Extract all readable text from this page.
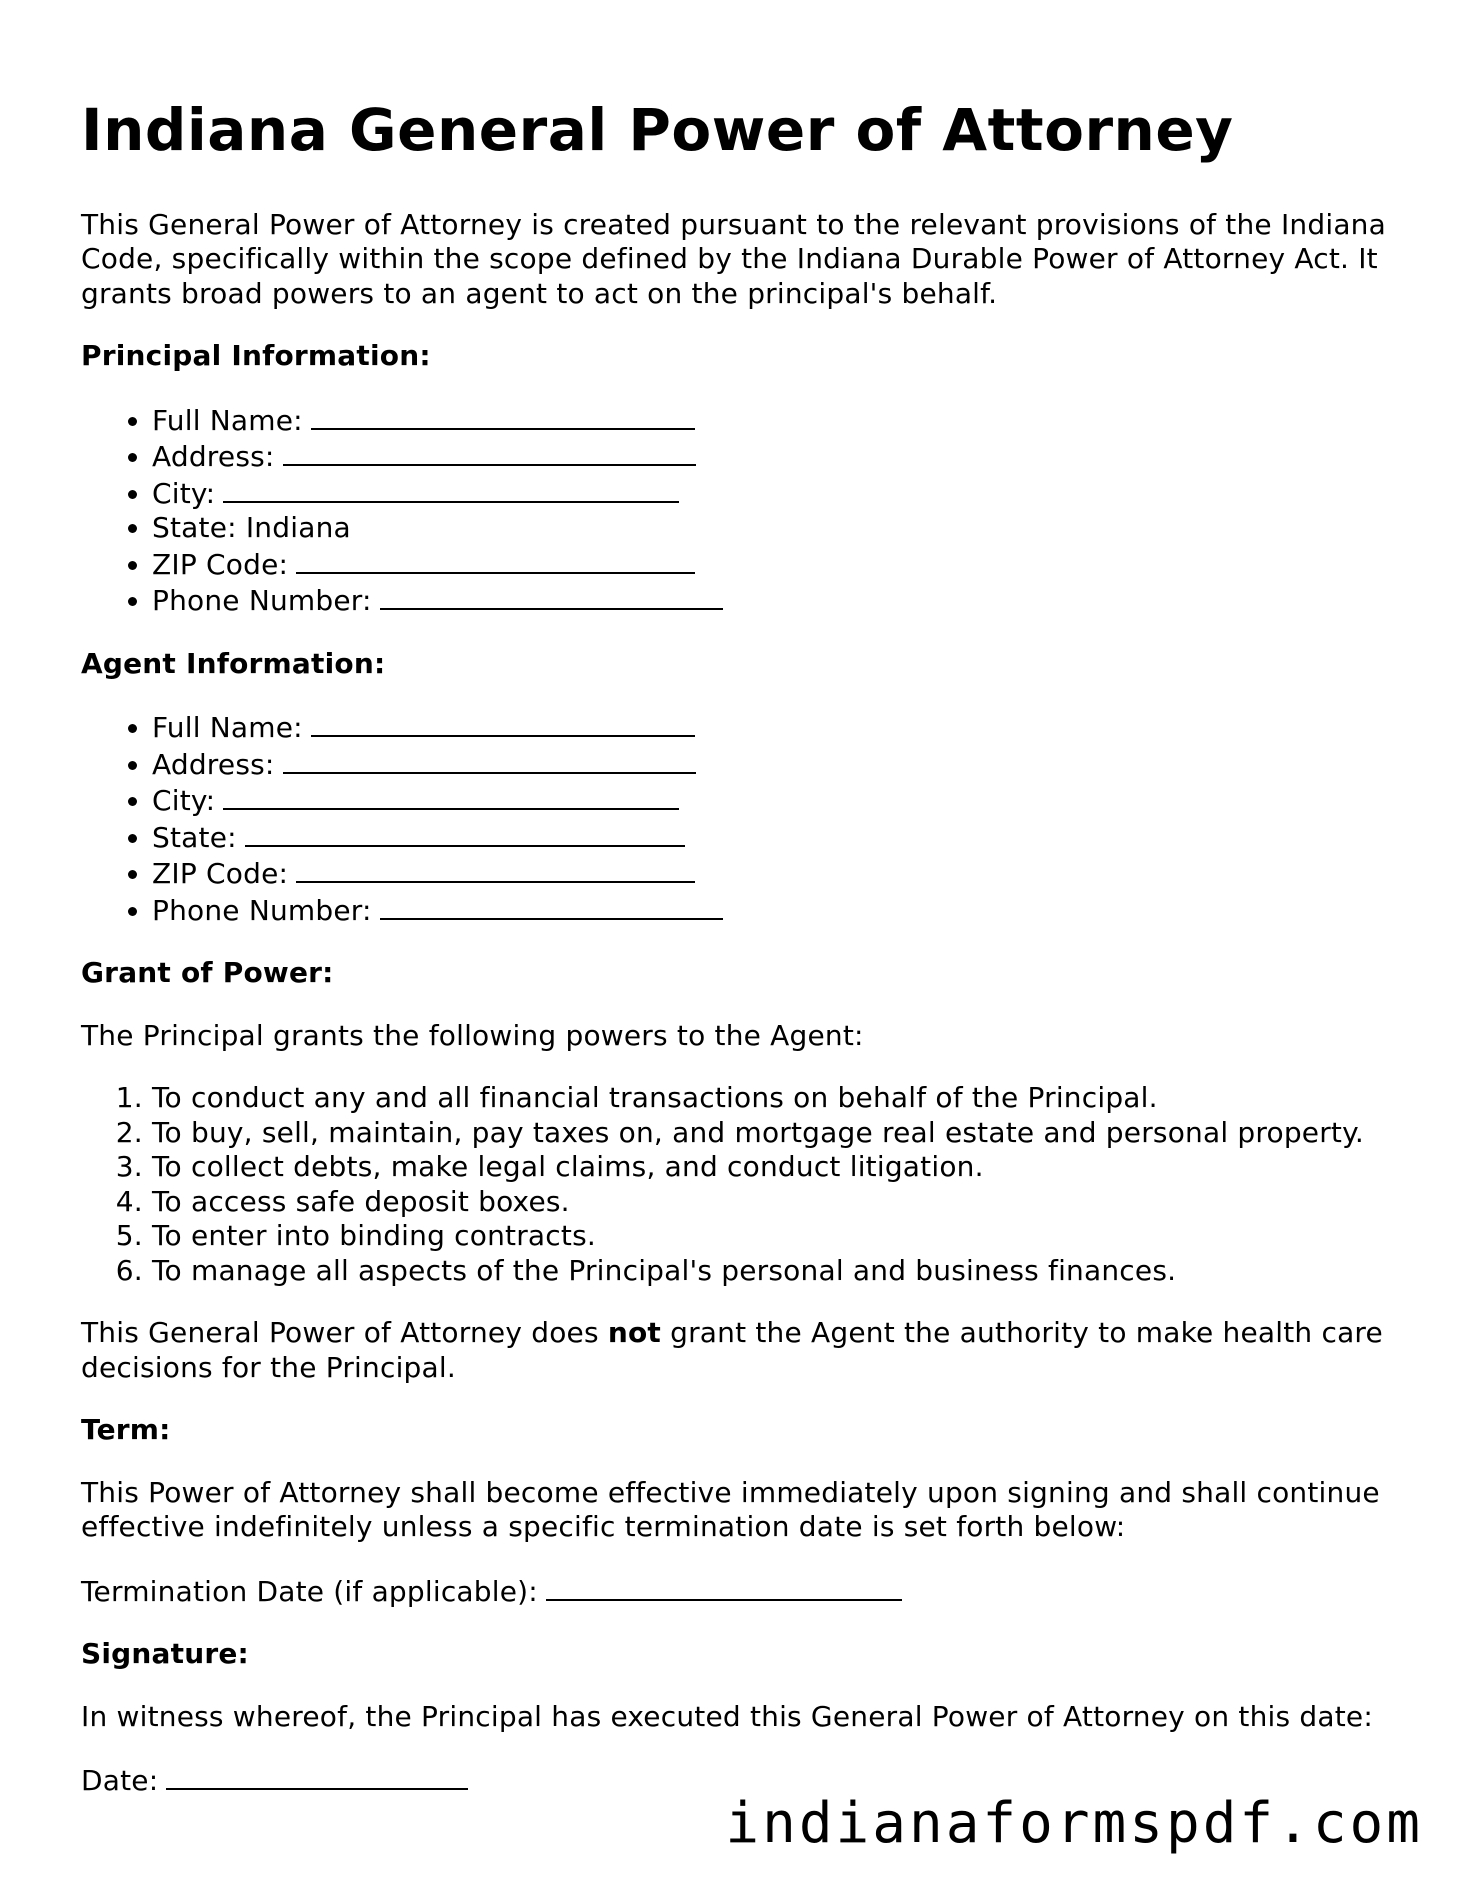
Indiana General Power of Attorney

This General Power of Attorney is created pursuant to the relevant provisions of the Indiana Code, specifically within the scope defined by the Indiana Durable Power of Attorney Act. It grants broad powers to an agent to act on the principal's behalf.

Principal Information:

• Full Name:
• Address:
• City:
• State: Indiana
• ZIP Code:
• Phone Number:

Agent Information:

• Full Name:
• Address:
• City:
• State:
• ZIP Code:
• Phone Number:

Grant of Power:

The Principal grants the following powers to the Agent:

1. To conduct any and all financial transactions on behalf of the Principal.
2. To buy, sell, maintain, pay taxes on, and mortgage real estate and personal property.
3. To collect debts, make legal claims, and conduct litigation.
4. To access safe deposit boxes.
5. To enter into binding contracts.
6. To manage all aspects of the Principal's personal and business finances.

This General Power of Attorney does not grant the Agent the authority to make health care decisions for the Principal.

Term:

This Power of Attorney shall become effective immediately upon signing and shall continue effective indefinitely unless a specific termination date is set forth below:

Termination Date (if applicable):

Signature:

In witness whereof, the Principal has executed this General Power of Attorney on this date:

Date:

indianaformspdf.com
